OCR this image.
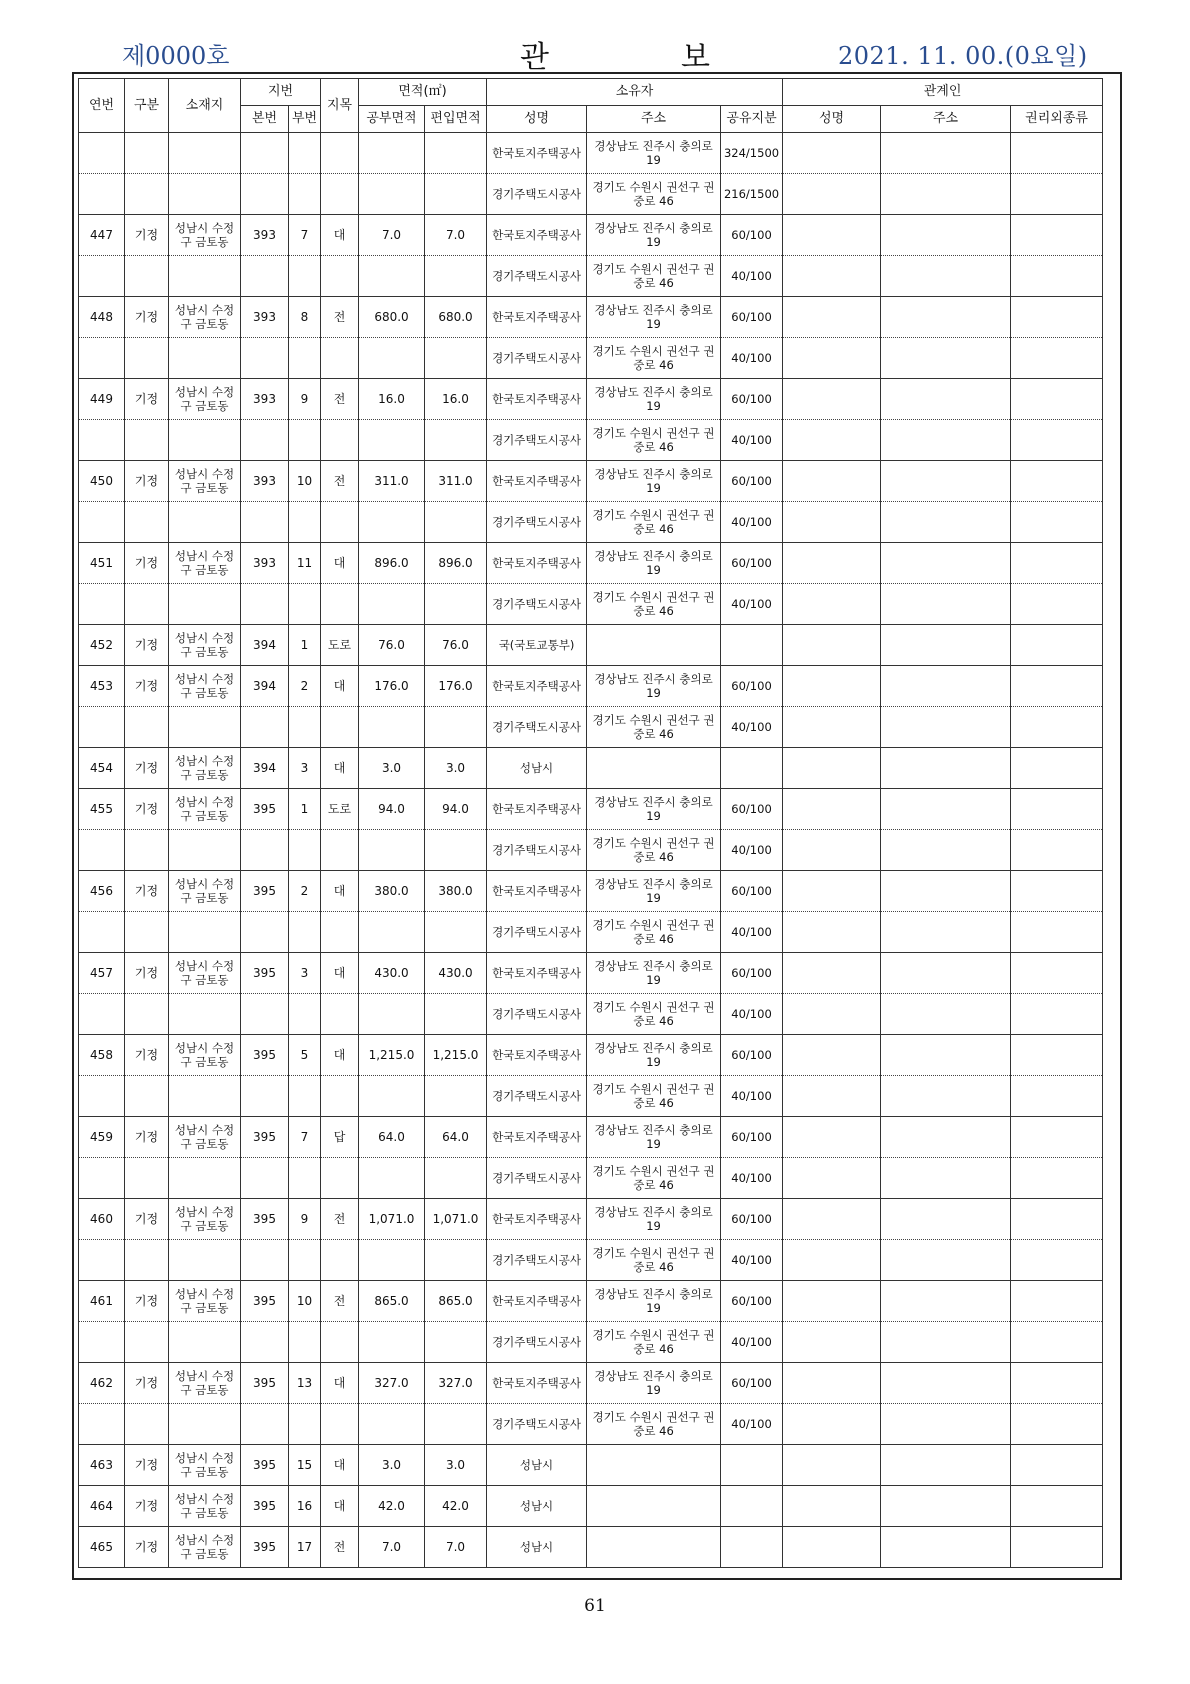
제0000호	관	보	2021. 11. 00.(0요일)
연번	구분	소재지	지번		지목	면적(㎡)		소유자			관계인		
			본번	부번		공부면적	편입면적	성명	주소	공유지분	성명	주소	권리외종류
								한국토지주택공사	경상남도 진주시 충의로 19	324/1500			
								경기주택도시공사	경기도 수원시 권선구 권중로 46	216/1500			
447	기정	성남시 수정구 금토동	393	7	대	7.0	7.0	한국토지주택공사	경상남도 진주시 충의로 19	60/100			
								경기주택도시공사	경기도 수원시 권선구 권중로 46	40/100			
448	기정	성남시 수정구 금토동	393	8	전	680.0	680.0	한국토지주택공사	경상남도 진주시 충의로 19	60/100			
								경기주택도시공사	경기도 수원시 권선구 권중로 46	40/100			
449	기정	성남시 수정구 금토동	393	9	전	16.0	16.0	한국토지주택공사	경상남도 진주시 충의로 19	60/100			
								경기주택도시공사	경기도 수원시 권선구 권중로 46	40/100			
450	기정	성남시 수정구 금토동	393	10	전	311.0	311.0	한국토지주택공사	경상남도 진주시 충의로 19	60/100			
								경기주택도시공사	경기도 수원시 권선구 권중로 46	40/100			
451	기정	성남시 수정구 금토동	393	11	대	896.0	896.0	한국토지주택공사	경상남도 진주시 충의로 19	60/100			
								경기주택도시공사	경기도 수원시 권선구 권중로 46	40/100			
452	기정	성남시 수정구 금토동	394	1	도로	76.0	76.0	국(국토교통부)					
453	기정	성남시 수정구 금토동	394	2	대	176.0	176.0	한국토지주택공사	경상남도 진주시 충의로 19	60/100			
								경기주택도시공사	경기도 수원시 권선구 권중로 46	40/100			
454	기정	성남시 수정구 금토동	394	3	대	3.0	3.0	성남시					
455	기정	성남시 수정구 금토동	395	1	도로	94.0	94.0	한국토지주택공사	경상남도 진주시 충의로 19	60/100			
								경기주택도시공사	경기도 수원시 권선구 권중로 46	40/100			
456	기정	성남시 수정구 금토동	395	2	대	380.0	380.0	한국토지주택공사	경상남도 진주시 충의로 19	60/100			
								경기주택도시공사	경기도 수원시 권선구 권중로 46	40/100			
457	기정	성남시 수정구 금토동	395	3	대	430.0	430.0	한국토지주택공사	경상남도 진주시 충의로 19	60/100			
								경기주택도시공사	경기도 수원시 권선구 권중로 46	40/100			
458	기정	성남시 수정구 금토동	395	5	대	1,215.0	1,215.0	한국토지주택공사	경상남도 진주시 충의로 19	60/100			
								경기주택도시공사	경기도 수원시 권선구 권중로 46	40/100			
459	기정	성남시 수정구 금토동	395	7	답	64.0	64.0	한국토지주택공사	경상남도 진주시 충의로 19	60/100			
								경기주택도시공사	경기도 수원시 권선구 권중로 46	40/100			
460	기정	성남시 수정구 금토동	395	9	전	1,071.0	1,071.0	한국토지주택공사	경상남도 진주시 충의로 19	60/100			
								경기주택도시공사	경기도 수원시 권선구 권중로 46	40/100			
461	기정	성남시 수정구 금토동	395	10	전	865.0	865.0	한국토지주택공사	경상남도 진주시 충의로 19	60/100			
								경기주택도시공사	경기도 수원시 권선구 권중로 46	40/100			
462	기정	성남시 수정구 금토동	395	13	대	327.0	327.0	한국토지주택공사	경상남도 진주시 충의로 19	60/100			
								경기주택도시공사	경기도 수원시 권선구 권중로 46	40/100			
463	기정	성남시 수정구 금토동	395	15	대	3.0	3.0	성남시					
464	기정	성남시 수정구 금토동	395	16	대	42.0	42.0	성남시					
465	기정	성남시 수정구 금토동	395	17	전	7.0	7.0	성남시					
61
